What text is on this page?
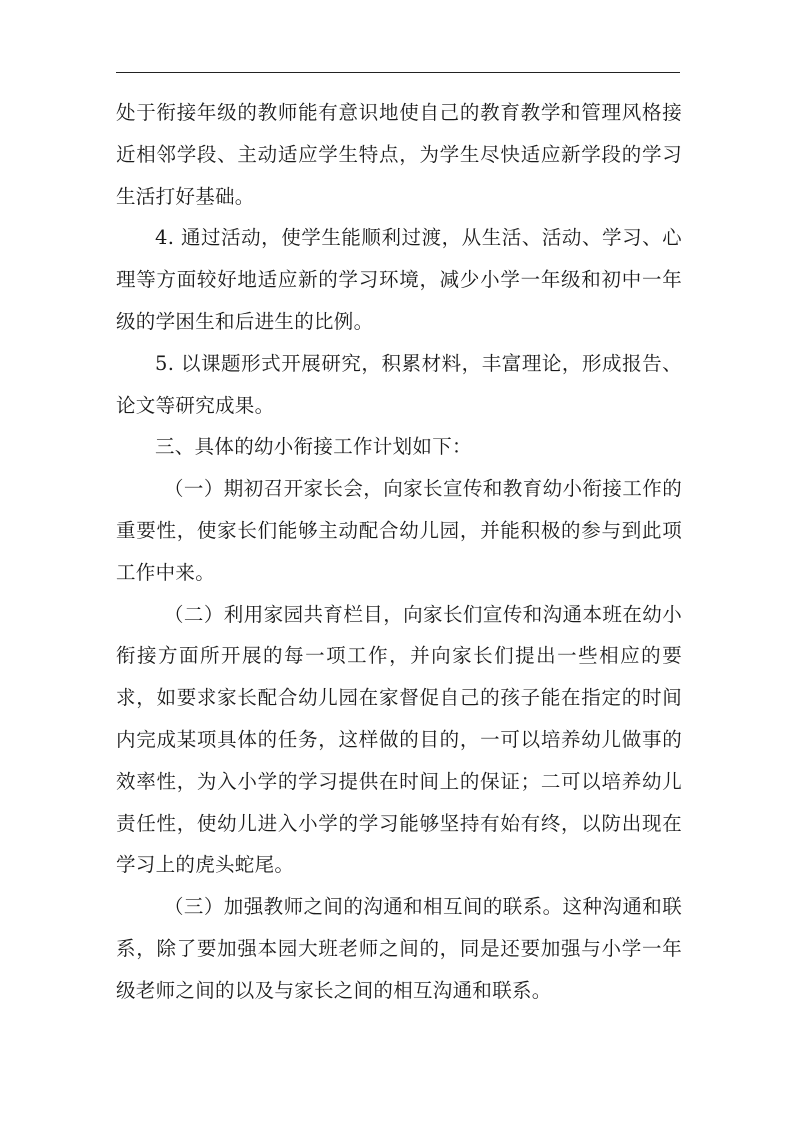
处于衔接年级的教师能有意识地使自己的教育教学和管理风格接近相邻学段、主动适应学生特点，为学生尽快适应新学段的学习生活打好基础。

4. 通过活动，使学生能顺利过渡，从生活、活动、学习、心理等方面较好地适应新的学习环境，减少小学一年级和初中一年级的学困生和后进生的比例。

5. 以课题形式开展研究，积累材料，丰富理论，形成报告、论文等研究成果。

三、具体的幼小衔接工作计划如下：

（一）期初召开家长会，向家长宣传和教育幼小衔接工作的重要性，使家长们能够主动配合幼儿园，并能积极的参与到此项工作中来。

（二）利用家园共育栏目，向家长们宣传和沟通本班在幼小衔接方面所开展的每一项工作，并向家长们提出一些相应的要求，如要求家长配合幼儿园在家督促自己的孩子能在指定的时间内完成某项具体的任务，这样做的目的，一可以培养幼儿做事的效率性，为入小学的学习提供在时间上的保证；二可以培养幼儿责任性，使幼儿进入小学的学习能够坚持有始有终，以防出现在学习上的虎头蛇尾。

（三）加强教师之间的沟通和相互间的联系。这种沟通和联系，除了要加强本园大班老师之间的，同是还要加强与小学一年级老师之间的以及与家长之间的相互沟通和联系。
